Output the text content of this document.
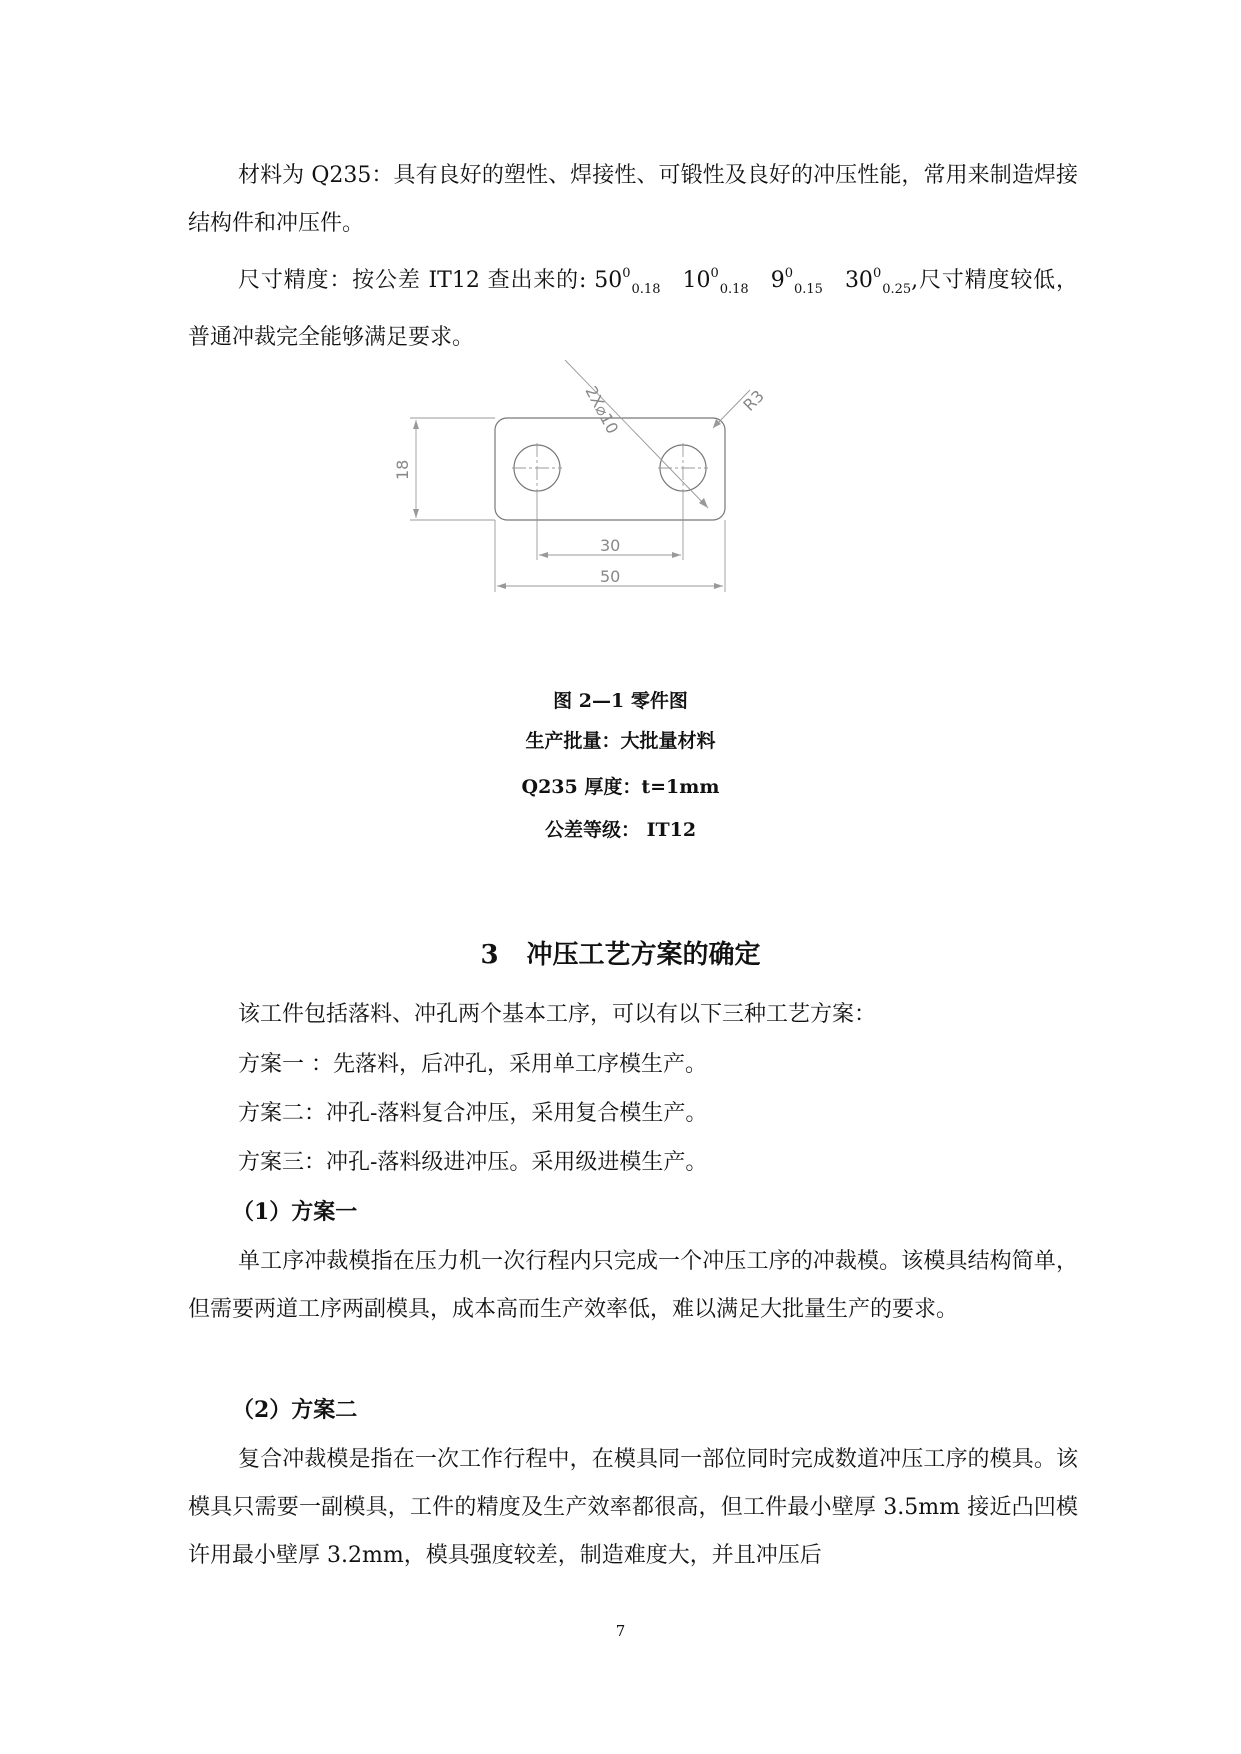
材料为 Q235：具有良好的塑性、焊接性、可锻性及良好的冲压性能，常用来制造焊接结构件和冲压件。

尺寸精度：按公差 IT12 查出来的: $50^0_{0.18}$ $10^0_{0.18}$ $9^0_{0.15}$ $30^0_{0.25}$,尺寸精度较低，普通冲裁完全能够满足要求。

2X⌀10	R3
18
30
50

图 2—1 零件图

生产批量：大批量材料

Q235 厚度：t=1mm

公差等级： IT12

3 冲压工艺方案的确定

该工件包括落料、冲孔两个基本工序，可以有以下三种工艺方案：

方案一 ：先落料，后冲孔，采用单工序模生产。

方案二：冲孔-落料复合冲压，采用复合模生产。

方案三：冲孔-落料级进冲压。采用级进模生产。

（1）方案一

单工序冲裁模指在压力机一次行程内只完成一个冲压工序的冲裁模。该模具结构简单，但需要两道工序两副模具，成本高而生产效率低，难以满足大批量生产的要求。

（2）方案二

复合冲裁模是指在一次工作行程中，在模具同一部位同时完成数道冲压工序的模具。该模具只需要一副模具，工件的精度及生产效率都很高，但工件最小壁厚 3.5mm 接近凸凹模许用最小壁厚 3.2mm，模具强度较差，制造难度大，并且冲压后

7
